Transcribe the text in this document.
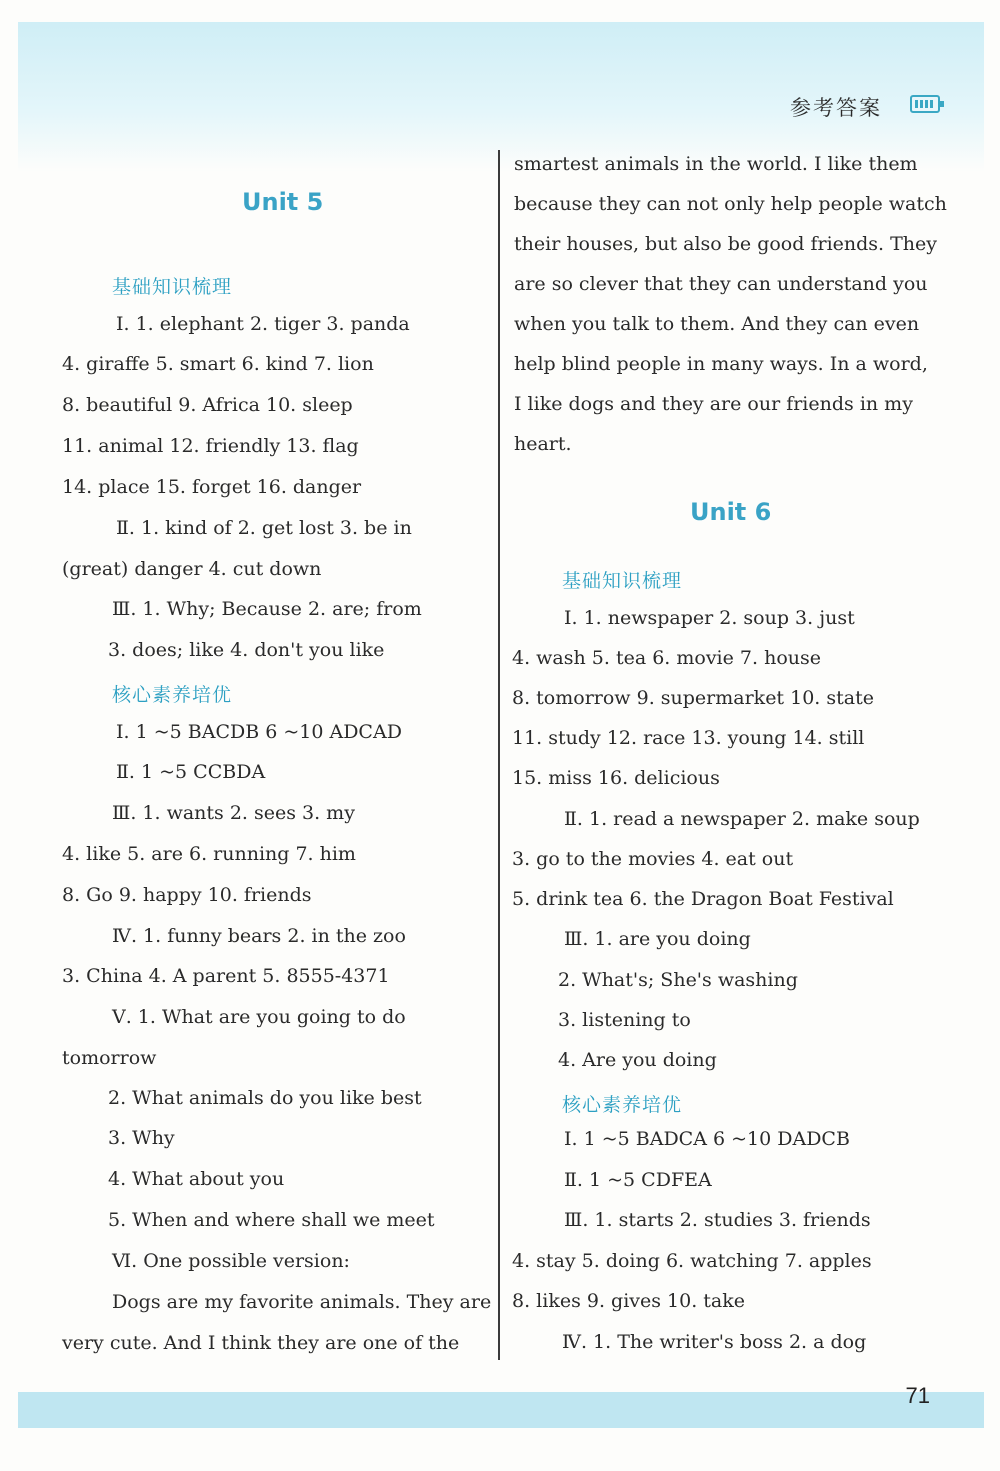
参考答案
Unit 5
基础知识梳理
Ⅰ. 1. elephant 2. tiger 3. panda
4. giraffe 5. smart 6. kind 7. lion
8. beautiful 9. Africa 10. sleep
11. animal 12. friendly 13. flag
14. place 15. forget 16. danger
Ⅱ. 1. kind of 2. get lost 3. be in
(great) danger 4. cut down
Ⅲ. 1. Why; Because 2. are; from
3. does; like 4. don't you like
核心素养培优
Ⅰ. 1 ~5 BACDB 6 ~10 ADCAD
Ⅱ. 1 ~5 CCBDA
Ⅲ. 1. wants 2. sees 3. my
4. like 5. are 6. running 7. him
8. Go 9. happy 10. friends
Ⅳ. 1. funny bears 2. in the zoo
3. China 4. A parent 5. 8555-4371
Ⅴ. 1. What are you going to do
tomorrow
2. What animals do you like best
3. Why
4. What about you
5. When and where shall we meet
Ⅵ. One possible version:
Dogs are my favorite animals. They are
very cute. And I think they are one of the
smartest animals in the world. I like them
because they can not only help people watch
their houses, but also be good friends. They
are so clever that they can understand you
when you talk to them. And they can even
help blind people in many ways. In a word,
I like dogs and they are our friends in my
heart.
Unit 6
基础知识梳理
Ⅰ. 1. newspaper 2. soup 3. just
4. wash 5. tea 6. movie 7. house
8. tomorrow 9. supermarket 10. state
11. study 12. race 13. young 14. still
15. miss 16. delicious
Ⅱ. 1. read a newspaper 2. make soup
3. go to the movies 4. eat out
5. drink tea 6. the Dragon Boat Festival
Ⅲ. 1. are you doing
2. What's; She's washing
3. listening to
4. Are you doing
核心素养培优
Ⅰ. 1 ~5 BADCA 6 ~10 DADCB
Ⅱ. 1 ~5 CDFEA
Ⅲ. 1. starts 2. studies 3. friends
4. stay 5. doing 6. watching 7. apples
8. likes 9. gives 10. take
Ⅳ. 1. The writer's boss 2. a dog
71
